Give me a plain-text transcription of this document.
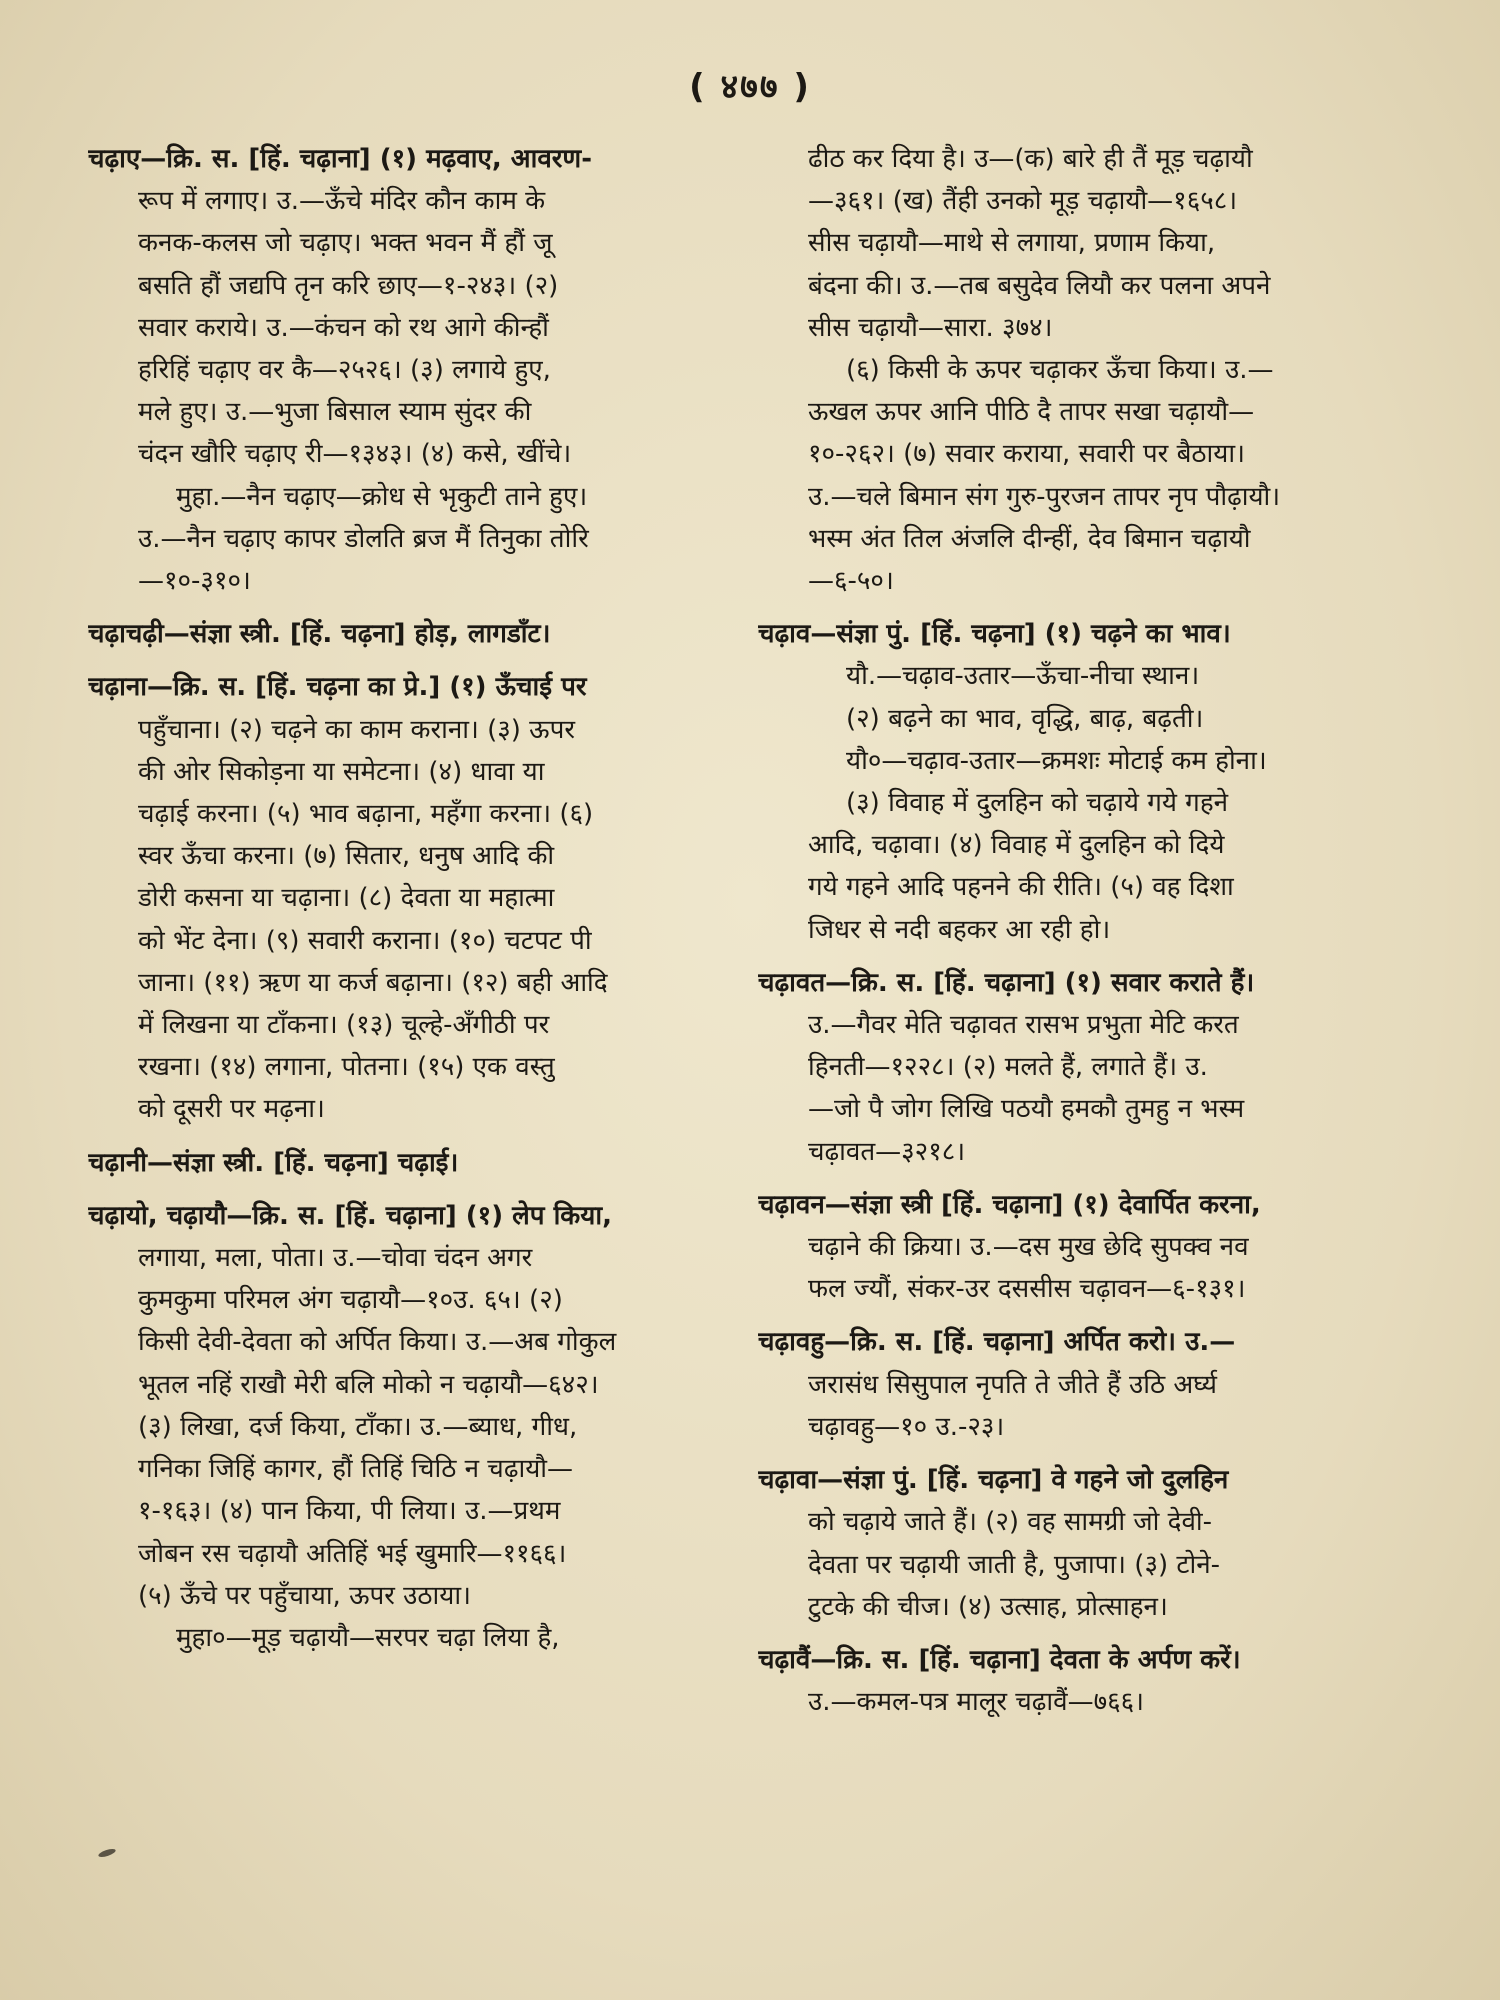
( ४७७ )
चढ़ाए—क्रि. स. [हिं. चढ़ाना] (१) मढ़वाए, आवरण-
रूप में लगाए। उ.—ऊँचे मंदिर कौन काम के
कनक-कलस जो चढ़ाए। भक्त भवन मैं हौं जू
बसति हौं जद्यपि तृन करि छाए—१-२४३। (२)
सवार कराये। उ.—कंचन को रथ आगे कीन्हौं
हरिहिं चढ़ाए वर कै—२५२६। (३) लगाये हुए,
मले हुए। उ.—भुजा बिसाल स्याम सुंदर की
चंदन खौरि चढ़ाए री—१३४३। (४) कसे, खींचे।
मुहा.—नैन चढ़ाए—क्रोध से भृकुटी ताने हुए।
उ.—नैन चढ़ाए कापर डोलति ब्रज मैं तिनुका तोरि
—१०-३१०।
चढ़ाचढ़ी—संज्ञा स्त्री. [हिं. चढ़ना] होड़, लागडाँट।
चढ़ाना—क्रि. स. [हिं. चढ़ना का प्रे.] (१) ऊँचाई पर
पहुँचाना। (२) चढ़ने का काम कराना। (३) ऊपर
की ओर सिकोड़ना या समेटना। (४) धावा या
चढ़ाई करना। (५) भाव बढ़ाना, महँगा करना। (६)
स्वर ऊँचा करना। (७) सितार, धनुष आदि की
डोरी कसना या चढ़ाना। (८) देवता या महात्मा
को भेंट देना। (९) सवारी कराना। (१०) चटपट पी
जाना। (११) ऋण या कर्ज बढ़ाना। (१२) बही आदि
में लिखना या टाँकना। (१३) चूल्हे-अँगीठी पर
रखना। (१४) लगाना, पोतना। (१५) एक वस्तु
को दूसरी पर मढ़ना।
चढ़ानी—संज्ञा स्त्री. [हिं. चढ़ना] चढ़ाई।
चढ़ायो, चढ़ायौ—क्रि. स. [हिं. चढ़ाना] (१) लेप किया,
लगाया, मला, पोता। उ.—चोवा चंदन अगर
कुमकुमा परिमल अंग चढ़ायौ—१०उ. ६५। (२)
किसी देवी-देवता को अर्पित किया। उ.—अब गोकुल
भूतल नहिं राखौ मेरी बलि मोको न चढ़ायौ—६४२।
(३) लिखा, दर्ज किया, टाँका। उ.—ब्याध, गीध,
गनिका जिहिं कागर, हौं तिहिं चिठि न चढ़ायौ—
१-१६३। (४) पान किया, पी लिया। उ.—प्रथम
जोबन रस चढ़ायौ अतिहिं भई खुमारि—११६६।
(५) ऊँचे पर पहुँचाया, ऊपर उठाया।
मुहा०—मूड़ चढ़ायौ—सरपर चढ़ा लिया है,
ढीठ कर दिया है। उ—(क) बारे ही तैं मूड़ चढ़ायौ
—३६१। (ख) तैंही उनको मूड़ चढ़ायौ—१६५८।
सीस चढ़ायौ—माथे से लगाया, प्रणाम किया,
बंदना की। उ.—तब बसुदेव लियौ कर पलना अपने
सीस चढ़ायौ—सारा. ३७४।
(६) किसी के ऊपर चढ़ाकर ऊँचा किया। उ.—
ऊखल ऊपर आनि पीठि दै तापर सखा चढ़ायौ—
१०-२६२। (७) सवार कराया, सवारी पर बैठाया।
उ.—चले बिमान संग गुरु-पुरजन तापर नृप पौढ़ायौ।
भस्म अंत तिल अंजलि दीन्हीं, देव बिमान चढ़ायौ
—६-५०।
चढ़ाव—संज्ञा पुं. [हिं. चढ़ना] (१) चढ़ने का भाव।
यौ.—चढ़ाव-उतार—ऊँचा-नीचा स्थान।
(२) बढ़ने का भाव, वृद्धि, बाढ़, बढ़ती।
यौ०—चढ़ाव-उतार—क्रमशः मोटाई कम होना।
(३) विवाह में दुलहिन को चढ़ाये गये गहने
आदि, चढ़ावा। (४) विवाह में दुलहिन को दिये
गये गहने आदि पहनने की रीति। (५) वह दिशा
जिधर से नदी बहकर आ रही हो।
चढ़ावत—क्रि. स. [हिं. चढ़ाना] (१) सवार कराते हैं।
उ.—गैवर मेति चढ़ावत रासभ प्रभुता मेटि करत
हिनती—१२२८। (२) मलते हैं, लगाते हैं। उ.
—जो पै जोग लिखि पठयौ हमकौ तुमहु न भस्म
चढ़ावत—३२१८।
चढ़ावन—संज्ञा स्त्री [हिं. चढ़ाना] (१) देवार्पित करना,
चढ़ाने की क्रिया। उ.—दस मुख छेदि सुपक्व नव
फल ज्यौं, संकर-उर दससीस चढ़ावन—६-१३१।
चढ़ावहु—क्रि. स. [हिं. चढ़ाना] अर्पित करो। उ.—
जरासंध सिसुपाल नृपति ते जीते हैं उठि अर्घ्य
चढ़ावहु—१० उ.-२३।
चढ़ावा—संज्ञा पुं. [हिं. चढ़ना] वे गहने जो दुलहिन
को चढ़ाये जाते हैं। (२) वह सामग्री जो देवी-
देवता पर चढ़ायी जाती है, पुजापा। (३) टोने-
टुटके की चीज। (४) उत्साह, प्रोत्साहन।
चढ़ावैं—क्रि. स. [हिं. चढ़ाना] देवता के अर्पण करें।
उ.—कमल-पत्र मालूर चढ़ावैं—७६६।
